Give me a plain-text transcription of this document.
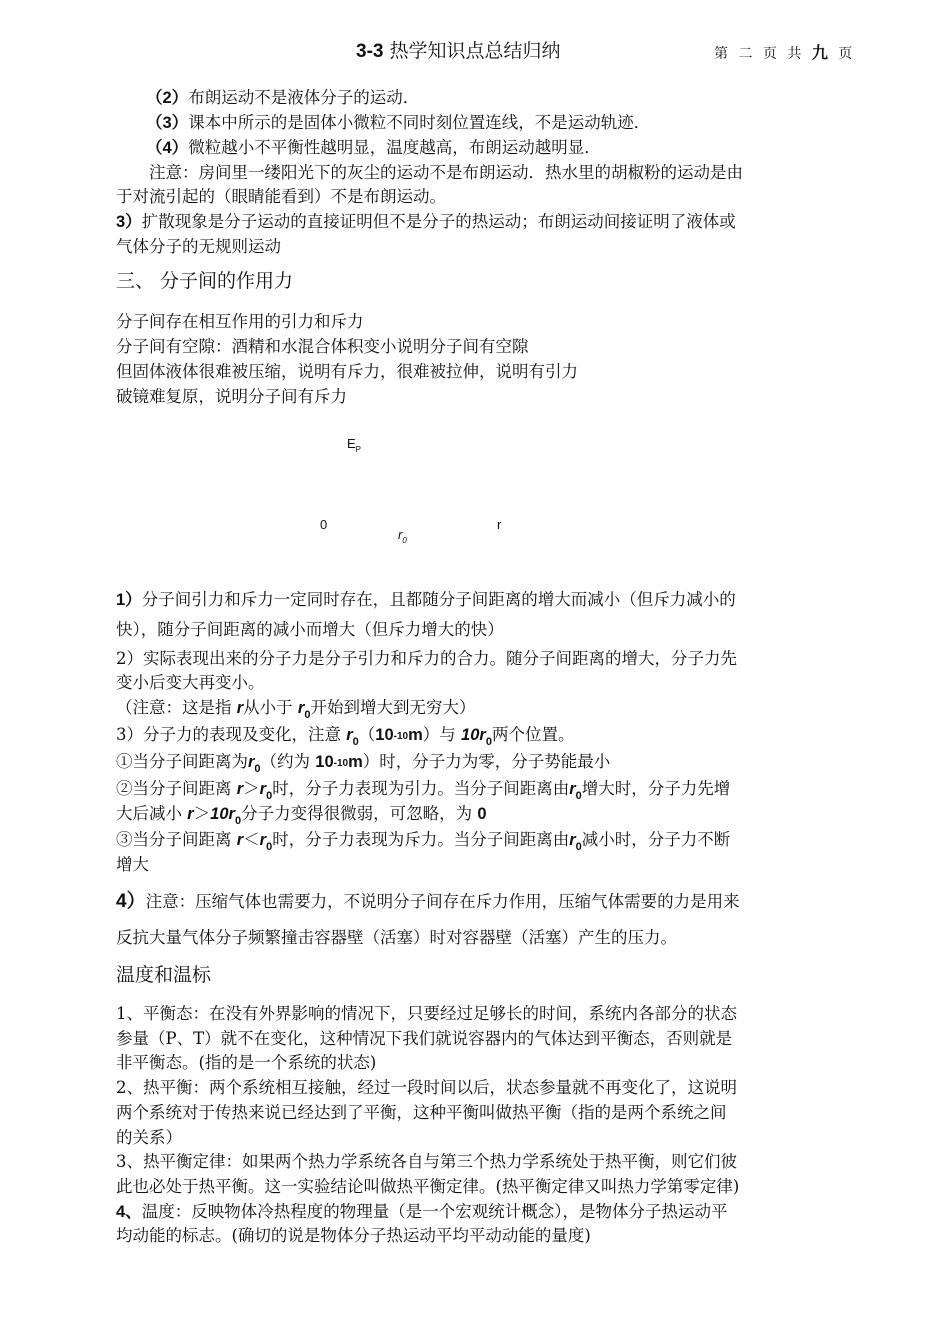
3-3 热学知识点总结归纳	第 二 页 共 九 页
（2）布朗运动不是液体分子的运动．
（3）课本中所示的是固体小微粒不同时刻位置连线，不是运动轨迹．
（4）微粒越小不平衡性越明显，温度越高，布朗运动越明显．
注意：房间里一缕阳光下的灰尘的运动不是布朗运动．热水里的胡椒粉的运动是由
于对流引起的（眼睛能看到）不是布朗运动。
3）扩散现象是分子运动的直接证明但不是分子的热运动；布朗运动间接证明了液体或
气体分子的无规则运动
三、 分子间的作用力
分子间存在相互作用的引力和斥力
分子间有空隙：酒精和水混合体积变小说明分子间有空隙
但固体液体很难被压缩，说明有斥力，很难被拉伸，说明有引力
破镜难复原，说明分子间有斥力
$E_P$
0
$r_0$
r
1）分子间引力和斥力一定同时存在，且都随分子间距离的增大而减小（但斥力减小的
快），随分子间距离的减小而增大（但斥力增大的快）
2）实际表现出来的分子力是分子引力和斥力的合力。随分子间距离的增大，分子力先
变小后变大再变小。
（注意：这是指 r从小于 $r_0$开始到增大到无穷大）
3）分子力的表现及变化，注意 $r_0(10-10m)$与 $10r_0$两个位置。
①当分子间距离为$r_0$（约为 10-10m）时，分子力为零，分子势能最小
②当分子间距离 $r>r_0$时，分子力表现为引力。当分子间距离由$r_0$增大时，分子力先增
大后减小 $r>10r_0$分子力变得很微弱，可忽略，为 0
③当分子间距离 $r<r_0$时，分子力表现为斥力。当分子间距离由$r_0$减小时，分子力不断
增大
4）注意：压缩气体也需要力，不说明分子间存在斥力作用，压缩气体需要的力是用来
反抗大量气体分子频繁撞击容器壁（活塞）时对容器壁（活塞）产生的压力。
温度和温标
1、平衡态：在没有外界影响的情况下，只要经过足够长的时间，系统内各部分的状态
参量（P、T）就不在变化，这种情况下我们就说容器内的气体达到平衡态，否则就是
非平衡态。(指的是一个系统的状态)
2、热平衡：两个系统相互接触，经过一段时间以后，状态参量就不再变化了，这说明
两个系统对于传热来说已经达到了平衡，这种平衡叫做热平衡（指的是两个系统之间
的关系）
3、热平衡定律：如果两个热力学系统各自与第三个热力学系统处于热平衡，则它们彼
此也必处于热平衡。这一实验结论叫做热平衡定律。(热平衡定律又叫热力学第零定律)
4、温度：反映物体冷热程度的物理量（是一个宏观统计概念），是物体分子热运动平
均动能的标志。(确切的说是物体分子热运动平均平动动能的量度)
